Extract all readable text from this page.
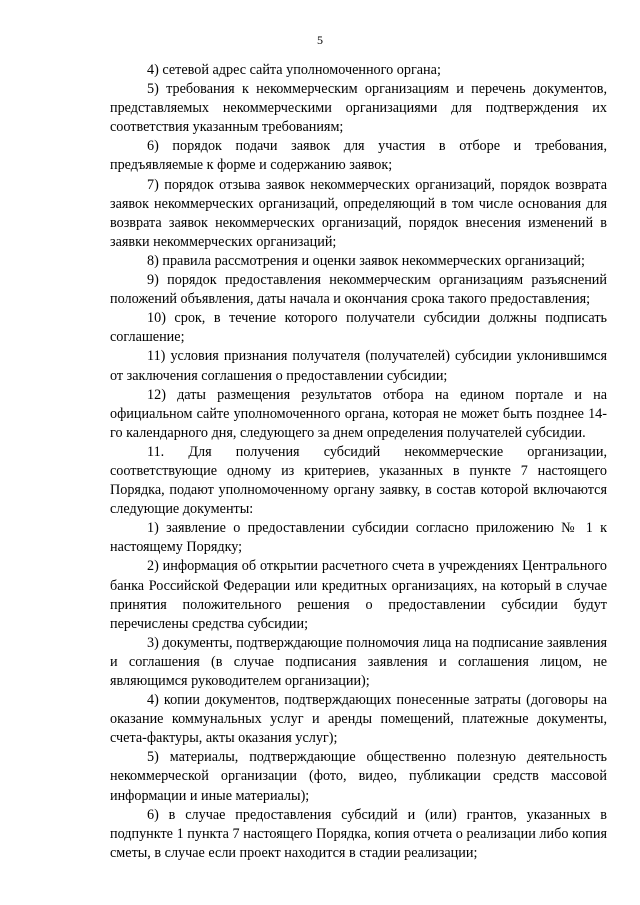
5

4) сетевой адрес сайта уполномоченного органа;

5) требования к некоммерческим организациям и перечень документов, представляемых некоммерческими организациями для подтверждения их соответствия указанным требованиям;

6) порядок подачи заявок для участия в отборе и требования, предъявляемые к форме и содержанию заявок;

7) порядок отзыва заявок некоммерческих организаций, порядок возврата заявок некоммерческих организаций, определяющий в том числе основания для возврата заявок некоммерческих организаций, порядок внесения изменений в заявки некоммерческих организаций;

8) правила рассмотрения и оценки заявок некоммерческих организаций;

9) порядок предоставления некоммерческим организациям разъяснений положений объявления, даты начала и окончания срока такого предоставления;

10) срок, в течение которого получатели субсидии должны подписать соглашение;

11) условия признания получателя (получателей) субсидии уклонившимся от заключения соглашения о предоставлении субсидии;

12) даты размещения результатов отбора на едином портале и на официальном сайте уполномоченного органа, которая не может быть позднее 14-го календарного дня, следующего за днем определения получателей субсидии.

11. Для получения субсидий некоммерческие организации, соответствующие одному из критериев, указанных в пункте 7 настоящего Порядка, подают уполномоченному органу заявку, в состав которой включаются следующие документы:

1) заявление о предоставлении субсидии согласно приложению № 1 к настоящему Порядку;

2) информация об открытии расчетного счета в учреждениях Центрального банка Российской Федерации или кредитных организациях, на который в случае принятия положительного решения о предоставлении субсидии будут перечислены средства субсидии;

3) документы, подтверждающие полномочия лица на подписание заявления и соглашения (в случае подписания заявления и соглашения лицом, не являющимся руководителем организации);

4) копии документов, подтверждающих понесенные затраты (договоры на оказание коммунальных услуг и аренды помещений, платежные документы, счета-фактуры, акты оказания услуг);

5) материалы, подтверждающие общественно полезную деятельность некоммерческой организации (фото, видео, публикации средств массовой информации и иные материалы);

6) в случае предоставления субсидий и (или) грантов, указанных в подпункте 1 пункта 7 настоящего Порядка, копия отчета о реализации либо копия сметы, в случае если проект находится в стадии реализации;
